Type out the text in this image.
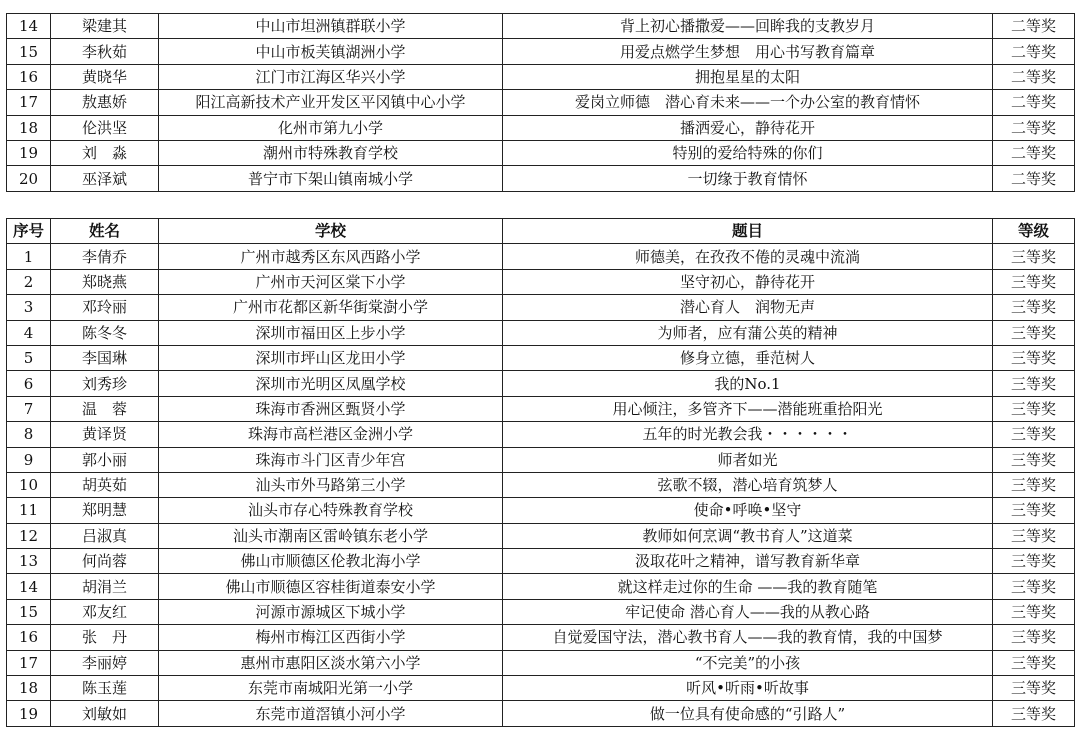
14	梁建其	中山市坦洲镇群联小学	背上初心播撒爱——回眸我的支教岁月	二等奖
15	李秋茹	中山市板芙镇湖洲小学	用爱点燃学生梦想　用心书写教育篇章	二等奖
16	黄晓华	江门市江海区华兴小学	拥抱星星的太阳	二等奖
17	敖惠娇	阳江高新技术产业开发区平冈镇中心小学	爱岗立师德　潜心育未来——一个办公室的教育情怀	二等奖
18	伦洪坚	化州市第九小学	播洒爱心，静待花开	二等奖
19	刘　淼	潮州市特殊教育学校	特别的爱给特殊的你们	二等奖
20	巫泽斌	普宁市下架山镇南城小学	一切缘于教育情怀	二等奖
序号	姓名	学校	题目	等级
1	李倩乔	广州市越秀区东风西路小学	师德美，在孜孜不倦的灵魂中流淌	三等奖
2	郑晓燕	广州市天河区棠下小学	坚守初心，静待花开	三等奖
3	邓玲丽	广州市花都区新华街棠澍小学	潜心育人　润物无声	三等奖
4	陈冬冬	深圳市福田区上步小学	为师者，应有蒲公英的精神	三等奖
5	李国琳	深圳市坪山区龙田小学	修身立德，垂范树人	三等奖
6	刘秀珍	深圳市光明区凤凰学校	我的No.1	三等奖
7	温　蓉	珠海市香洲区甄贤小学	用心倾注，多管齐下——潜能班重拾阳光	三等奖
8	黄译贤	珠海市高栏港区金洲小学	五年的时光教会我・・・・・・	三等奖
9	郭小丽	珠海市斗门区青少年宫	师者如光	三等奖
10	胡英茹	汕头市外马路第三小学	弦歌不辍，潜心培育筑梦人	三等奖
11	郑明慧	汕头市存心特殊教育学校	使命•呼唤•坚守	三等奖
12	吕淑真	汕头市潮南区雷岭镇东老小学	教师如何烹调“教书育人”这道菜	三等奖
13	何尚蓉	佛山市顺德区伦教北海小学	汲取花叶之精神，谱写教育新华章	三等奖
14	胡涓兰	佛山市顺德区容桂街道泰安小学	就这样走过你的生命 ——我的教育随笔	三等奖
15	邓友红	河源市源城区下城小学	牢记使命 潜心育人——我的从教心路	三等奖
16	张　丹	梅州市梅江区西街小学	自觉爱国守法，潜心教书育人——我的教育情，我的中国梦	三等奖
17	李丽婷	惠州市惠阳区淡水第六小学	“不完美”的小孩	三等奖
18	陈玉莲	东莞市南城阳光第一小学	听风•听雨•听故事	三等奖
19	刘敏如	东莞市道滘镇小河小学	做一位具有使命感的“引路人”	三等奖
